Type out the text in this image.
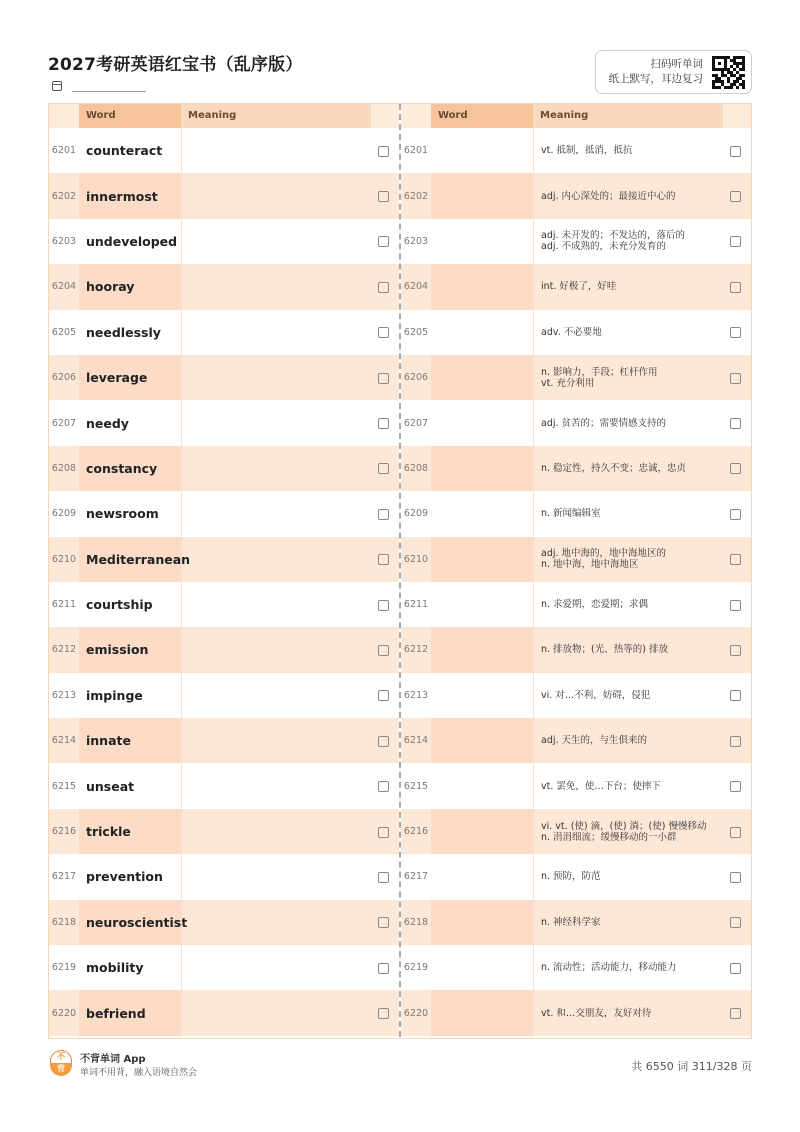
2027考研英语红宝书（乱序版）	扫码听单词
纸上默写，耳边复习
Word	Meaning
6201 counteract
6202 innermost
6203 undeveloped
6204 hooray
6205 needlessly
6206 leverage
6207 needy
6208 constancy
6209 newsroom
6210 Mediterranean
6211 courtship
6212 emission
6213 impinge
6214 innate
6215 unseat
6216 trickle
6217 prevention
6218 neuroscientist
6219 mobility
6220 befriend
Word	Meaning
6201	vt. 抵制，抵消，抵抗
6202	adj. 内心深处的；最接近中心的
6203	adj. 未开发的；不发达的，落后的
adj. 不成熟的，未充分发育的
6204	int. 好极了，好哇
6205	adv. 不必要地
6206	n. 影响力，手段；杠杆作用
vt. 充分利用
6207	adj. 贫苦的；需要情感支持的
6208	n. 稳定性，持久不变；忠诚，忠贞
6209	n. 新闻编辑室
6210	adj. 地中海的，地中海地区的
n. 地中海，地中海地区
6211	n. 求爱期，恋爱期；求偶
6212	n. 排放物；(光、热等的) 排放
6213	vi. 对…不利，妨碍，侵犯
6214	adj. 天生的，与生俱来的
6215	vt. 罢免，使…下台；使摔下
6216	vi. vt. (使) 滴，(使) 淌；(使) 慢慢移动
n. 涓涓细流；缓慢移动的一小群
6217	n. 预防，防范
6218	n. 神经科学家
6219	n. 流动性；活动能力，移动能力
6220	vt. 和…交朋友，友好对待
不
背
不背单词 App
单词不用背，融入语境自然会	共 6550 词 311/328 页
